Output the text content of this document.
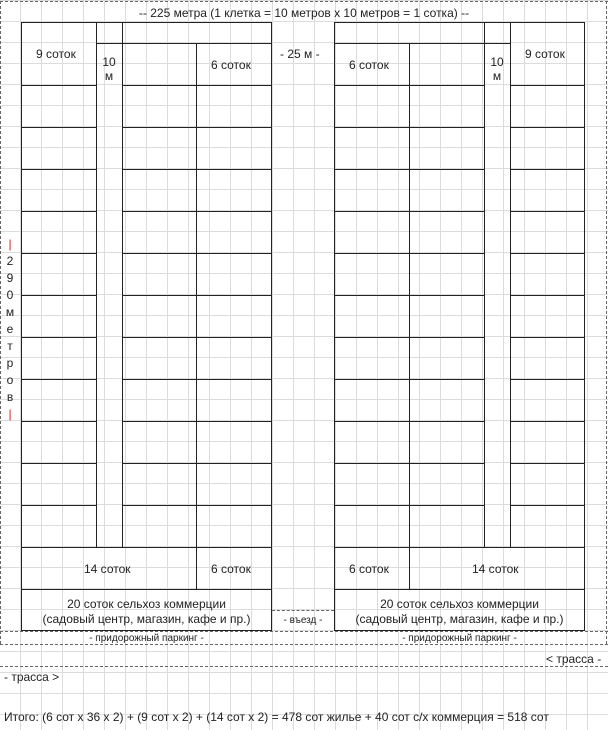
-- 225 метра (1 клетка = 10 метров х 10 метров = 1 сотка) --
|
2
9
0
м
е
т
р
о
в
|
9 соток
10
м
6 соток
14 соток	6 соток
20 соток сельхоз коммерции
(садовый центр, магазин, кафе и пр.)
- 25 м -
- въезд -
6 соток	10
м
9 соток
6 соток	14 соток
20 соток сельхоз коммерции
(садовый центр, магазин, кафе и пр.)
- придорожный паркинг -	- придорожный паркинг -
< трасса -
- трасса >
Итого: (6 сот х 36 х 2) + (9 сот х 2) + (14 сот х 2) = 478 сот жилье + 40 сот с/х коммерция = 518 сот
